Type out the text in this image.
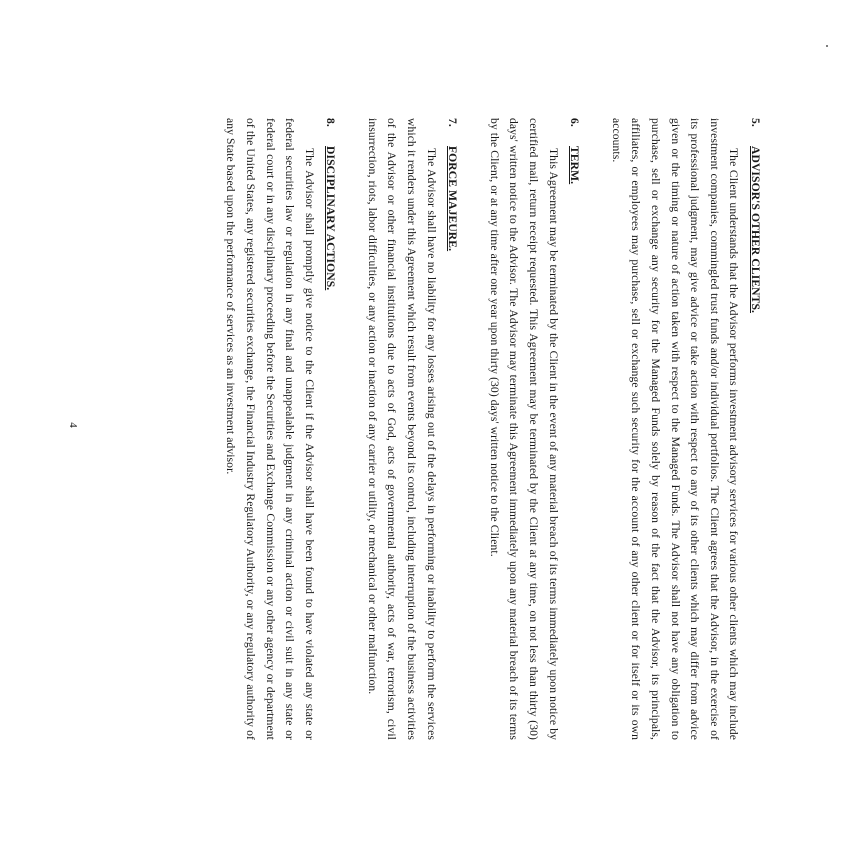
5.
ADVISOR'S OTHER CLIENTS.

The Client understands that the Advisor performs investment advisory services for various other clients which may include investment companies, commingled trust funds and/or individual portfolios. The Client agrees that the Advisor, in the exercise of its professional judgment, may give advice or take action with respect to any of its other clients which may differ from advice given or the timing or nature of action taken with respect to the Managed Funds. The Advisor shall not have any obligation to purchase, sell or exchange any security for the Managed Funds solely by reason of the fact that the Advisor, its principals, affiliates, or employees may purchase, sell or exchange such security for the account of any other client or for itself or its own accounts.

6.
TERM.

This Agreement may be terminated by the Client in the event of any material breach of its terms immediately upon notice by certified mail, return receipt requested. This Agreement may be terminated by the Client at any time, on not less than thirty (30) days' written notice to the Advisor. The Advisor may terminate this Agreement immediately upon any material breach of its terms by the Client, or at any time after one year upon thirty (30) days' written notice to the Client.

7.
FORCE MAJEURE.

The Advisor shall have no liability for any losses arising out of the delays in performing or inability to perform the services which it renders under this Agreement which result from events beyond its control, including interruption of the business activities of the Advisor or other financial institutions due to acts of God, acts of governmental authority, acts of war, terrorism, civil insurrection, riots, labor difficulties, or any action or inaction of any carrier or utility, or mechanical or other malfunction.

8.
DISCIPLINARY ACTIONS.

The Advisor shall promptly give notice to the Client if the Advisor shall have been found to have violated any state or federal securities law or regulation in any final and unappealable judgment in any criminal action or civil suit in any state or federal court or in any disciplinary proceeding before the Securities and Exchange Commission or any other agency or department of the United States, any registered securities exchange, the Financial Industry Regulatory Authority, or any regulatory authority of any State based upon the performance of services as an investment advisor.

4
